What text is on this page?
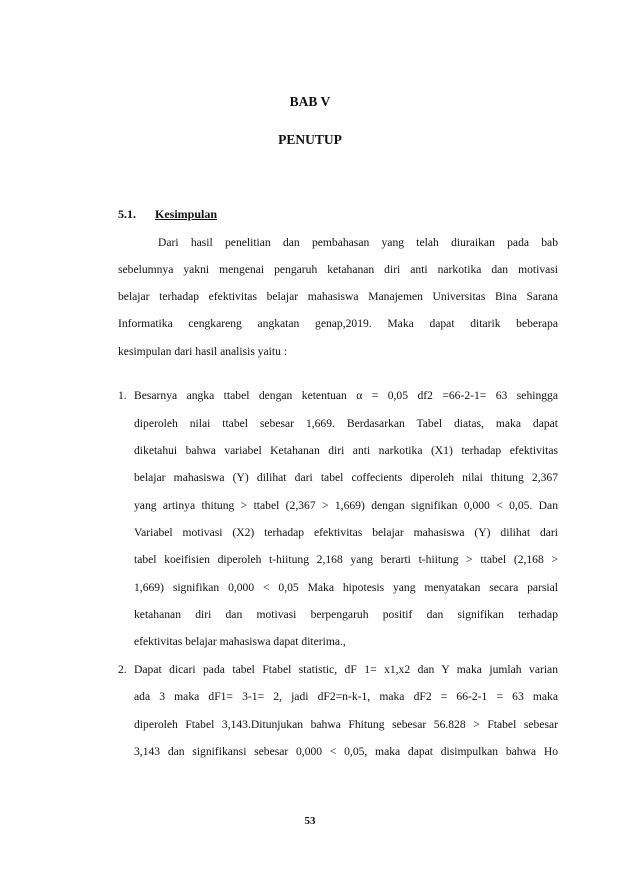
BAB V
PENUTUP
5.1. Kesimpulan
Dari hasil penelitian dan pembahasan yang telah diuraikan pada bab
sebelumnya yakni mengenai pengaruh ketahanan diri anti narkotika dan motivasi
belajar terhadap efektivitas belajar mahasiswa Manajemen Universitas Bina Sarana
Informatika cengkareng angkatan genap,2019. Maka dapat ditarik beberapa
kesimpulan dari hasil analisis yaitu :
1. Besarnya angka ttabel dengan ketentuan α = 0,05 df2 =66-2-1= 63 sehingga
diperoleh nilai ttabel sebesar 1,669. Berdasarkan Tabel diatas, maka dapat
diketahui bahwa variabel Ketahanan diri anti narkotika (X1) terhadap efektivitas
belajar mahasiswa (Y) dilihat dari tabel coffecients diperoleh nilai thitung 2,367
yang artinya thitung > ttabel (2,367 > 1,669) dengan signifikan 0,000 < 0,05. Dan
Variabel motivasi (X2) terhadap efektivitas belajar mahasiswa (Y) dilihat dari
tabel koeifisien diperoleh t-hiitung 2,168 yang berarti t-hiitung > ttabel (2,168 >
1,669) signifikan 0,000 < 0,05 Maka hipotesis yang menyatakan secara parsial
ketahanan diri dan motivasi berpengaruh positif dan signifikan terhadap
efektivitas belajar mahasiswa dapat diterima.,
2. Dapat dicari pada tabel Ftabel statistic, dF 1= x1,x2 dan Y maka jumlah varian
ada 3 maka dF1= 3-1= 2, jadi dF2=n-k-1, maka dF2 = 66-2-1 = 63 maka
diperoleh Ftabel 3,143.Ditunjukan bahwa Fhitung sebesar 56.828 > Ftabel sebesar
3,143 dan signifikansi sebesar 0,000 < 0,05, maka dapat disimpulkan bahwa Ho
53
